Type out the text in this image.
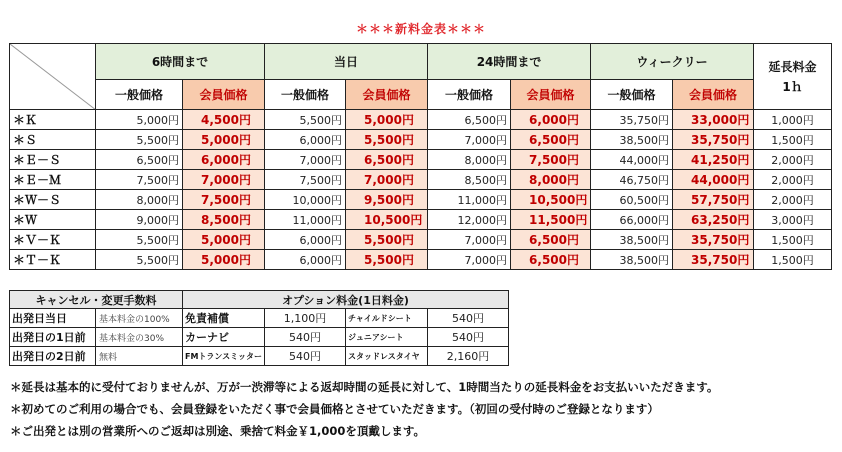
＊＊＊新料金表＊＊＊
	6時間まで		当日		24時間まで		ウィークリー		延長料金
1ｈ
	一般価格	会員価格	一般価格	会員価格	一般価格	会員価格	一般価格	会員価格	
＊Ｋ	5,000円	4,500円	5,500円	5,000円	6,500円	6,000円	35,750円	33,000円	1,000円
＊Ｓ	5,500円	5,000円	6,000円	5,500円	7,000円	6,500円	38,500円	35,750円	1,500円
＊Ｅ－Ｓ	6,500円	6,000円	7,000円	6,500円	8,000円	7,500円	44,000円	41,250円	2,000円
＊Ｅ－Ｍ	7,500円	7,000円	7,500円	7,000円	8,500円	8,000円	46,750円	44,000円	2,000円
＊Ｗ－Ｓ	8,000円	7,500円	10,000円	9,500円	11,000円	10,500円	60,500円	57,750円	2,000円
＊Ｗ	9,000円	8,500円	11,000円	10,500円	12,000円	11,500円	66,000円	63,250円	3,000円
＊Ｖ－Ｋ	5,500円	5,000円	6,000円	5,500円	7,000円	6,500円	38,500円	35,750円	1,500円
＊Ｔ－Ｋ	5,500円	5,000円	6,000円	5,500円	7,000円	6,500円	38,500円	35,750円	1,500円
キャンセル・変更手数料		オプション料金(1日料金)			
出発日当日	基本料金の100%	免責補償	1,100円	チャイルドシート	540円
出発日の1日前	基本料金の30%	カーナビ	540円	ジュニアシート	540円
出発日の2日前	無料	FMトランスミッター	540円	スタッドレスタイヤ	2,160円
＊延長は基本的に受付ておりませんが、万が一渋滞等による返却時間の延長に対して、1時間当たりの延長料金をお支払いいただきます。
＊初めてのご利用の場合でも、会員登録をいただく事で会員価格とさせていただきます。（初回の受付時のご登録となります）
＊ご出発とは別の営業所へのご返却は別途、乗捨て料金￥1,000を頂戴します。
